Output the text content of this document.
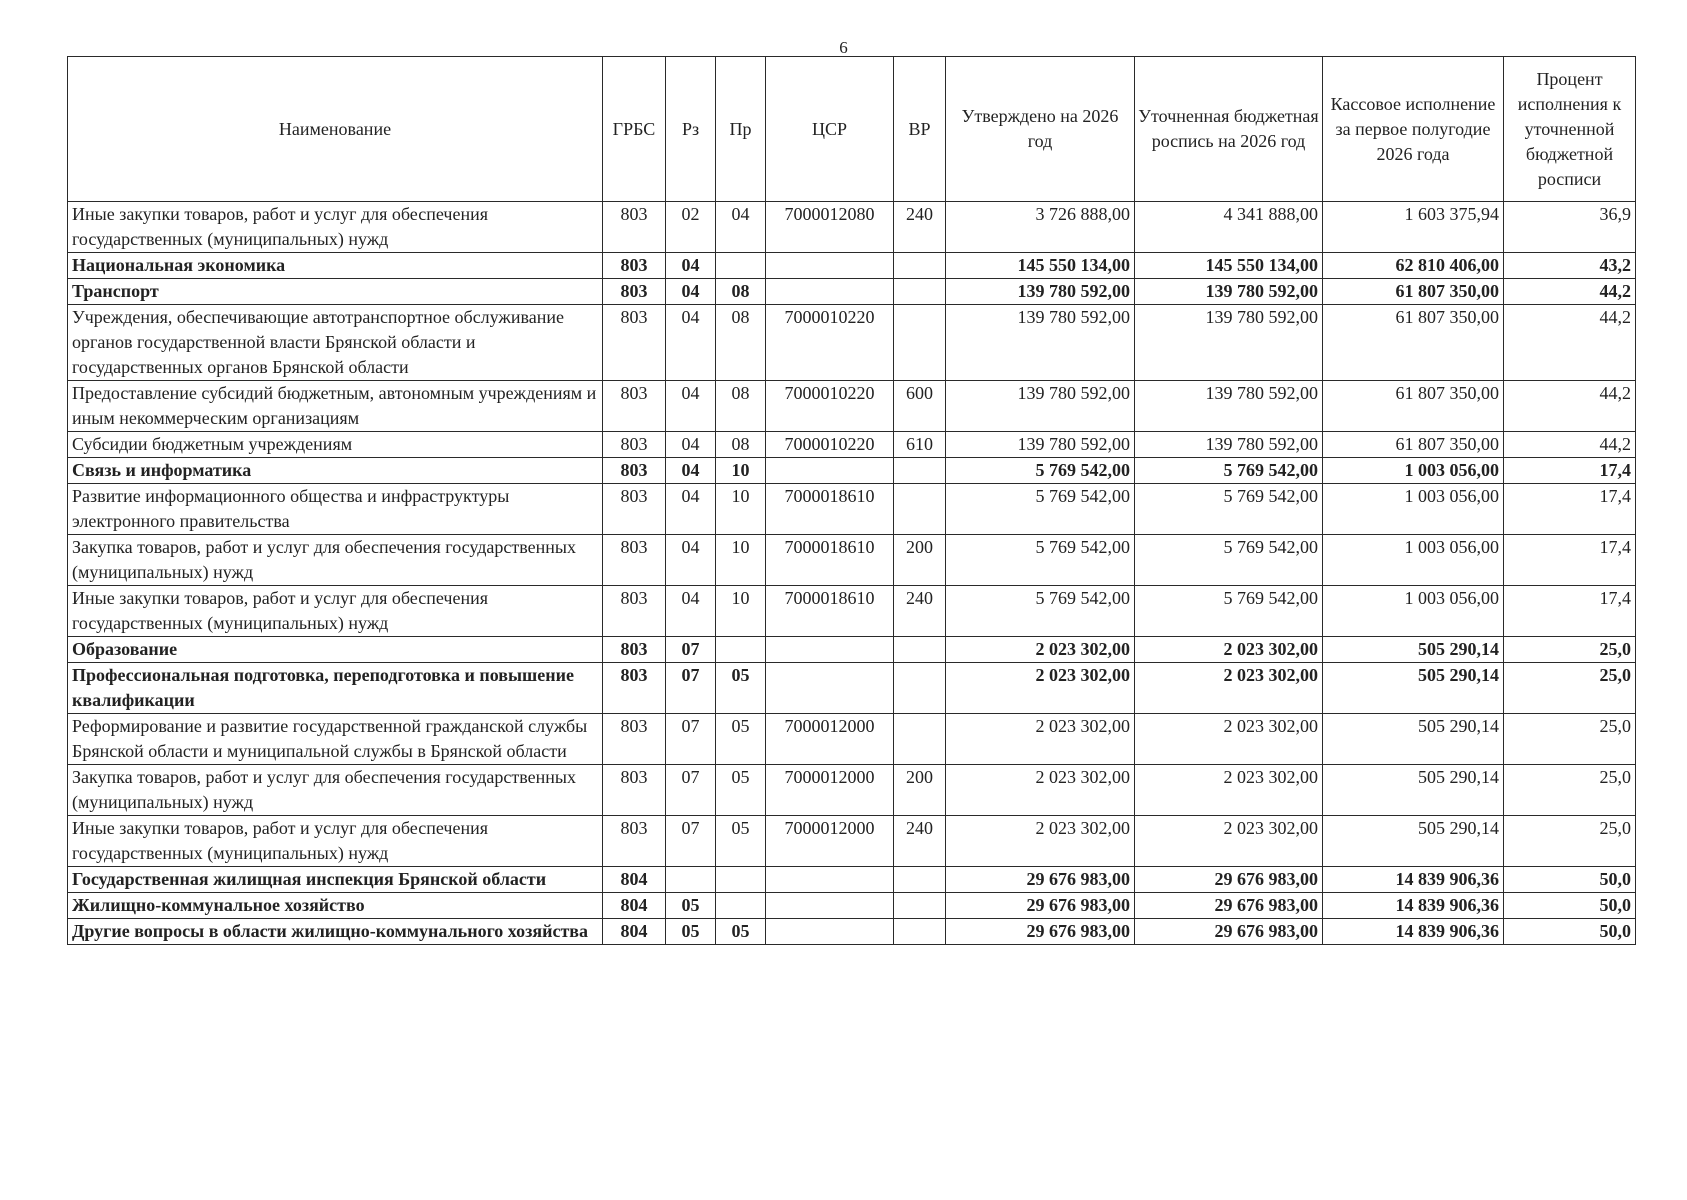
6
Наименование	ГРБС	Рз	Пр	ЦСР	ВР	Утверждено на 2026 год	Уточненная бюджетная роспись на 2026 год	Кассовое исполнение за первое полугодие 2026 года	Процент исполнения к уточненной бюджетной росписи
Иные закупки товаров, работ и услуг для обеспечения государственных (муниципальных) нужд	803	02	04	7000012080	240	3 726 888,00	4 341 888,00	1 603 375,94	36,9
Национальная экономика	803	04				145 550 134,00	145 550 134,00	62 810 406,00	43,2
Транспорт	803	04	08			139 780 592,00	139 780 592,00	61 807 350,00	44,2
Учреждения, обеспечивающие автотранспортное обслуживание органов государственной власти Брянской области и государственных органов Брянской области	803	04	08	7000010220		139 780 592,00	139 780 592,00	61 807 350,00	44,2
Предоставление субсидий бюджетным, автономным учреждениям и иным некоммерческим организациям	803	04	08	7000010220	600	139 780 592,00	139 780 592,00	61 807 350,00	44,2
Субсидии бюджетным учреждениям	803	04	08	7000010220	610	139 780 592,00	139 780 592,00	61 807 350,00	44,2
Связь и информатика	803	04	10			5 769 542,00	5 769 542,00	1 003 056,00	17,4
Развитие информационного общества и инфраструктуры электронного правительства	803	04	10	7000018610		5 769 542,00	5 769 542,00	1 003 056,00	17,4
Закупка товаров, работ и услуг для обеспечения государственных (муниципальных) нужд	803	04	10	7000018610	200	5 769 542,00	5 769 542,00	1 003 056,00	17,4
Иные закупки товаров, работ и услуг для обеспечения государственных (муниципальных) нужд	803	04	10	7000018610	240	5 769 542,00	5 769 542,00	1 003 056,00	17,4
Образование	803	07				2 023 302,00	2 023 302,00	505 290,14	25,0
Профессиональная подготовка, переподготовка и повышение квалификации	803	07	05			2 023 302,00	2 023 302,00	505 290,14	25,0
Реформирование и развитие государственной гражданской службы Брянской области и муниципальной службы в Брянской области	803	07	05	7000012000		2 023 302,00	2 023 302,00	505 290,14	25,0
Закупка товаров, работ и услуг для обеспечения государственных (муниципальных) нужд	803	07	05	7000012000	200	2 023 302,00	2 023 302,00	505 290,14	25,0
Иные закупки товаров, работ и услуг для обеспечения государственных (муниципальных) нужд	803	07	05	7000012000	240	2 023 302,00	2 023 302,00	505 290,14	25,0
Государственная жилищная инспекция Брянской области	804					29 676 983,00	29 676 983,00	14 839 906,36	50,0
Жилищно-коммунальное хозяйство	804	05				29 676 983,00	29 676 983,00	14 839 906,36	50,0
Другие вопросы в области жилищно-коммунального хозяйства	804	05	05			29 676 983,00	29 676 983,00	14 839 906,36	50,0
